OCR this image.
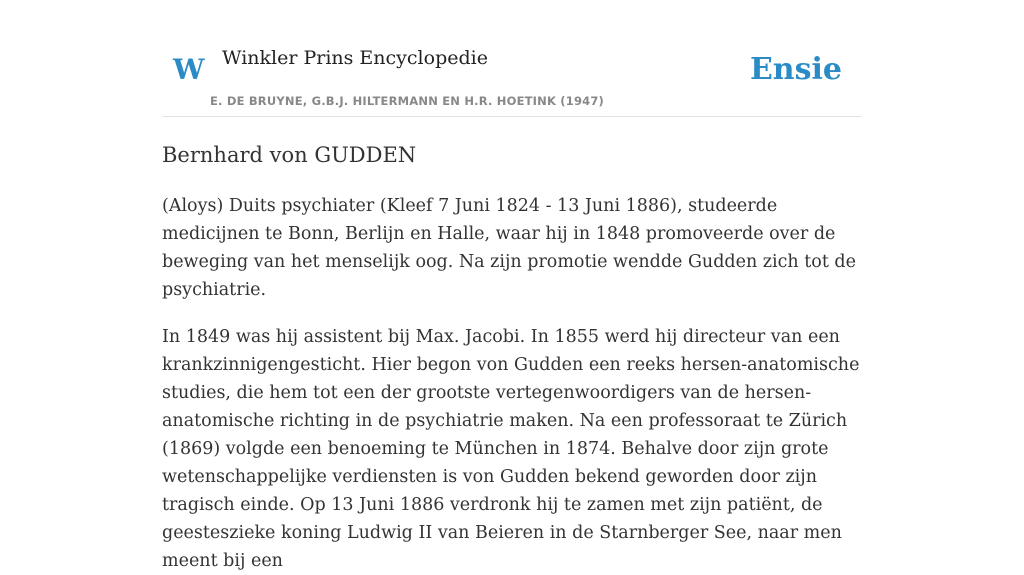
W Winkler Prins Encyclopedie
E. DE BRUYNE, G.B.J. HILTERMANN EN H.R. HOETINK (1947)
Ensie
Bernhard von GUDDEN

(Aloys) Duits psychiater (Kleef 7 Juni 1824 - 13 Juni 1886), studeerde medicijnen te Bonn, Berlijn en Halle, waar hij in 1848 promoveerde over de beweging van het menselijk oog. Na zijn promotie wendde Gudden zich tot de psychiatrie.

In 1849 was hij assistent bij Max. Jacobi. In 1855 werd hij directeur van een krankzinnigengesticht. Hier begon von Gudden een reeks hersen-anatomische studies, die hem tot een der grootste vertegenwoordigers van de hersen-anatomische richting in de psychiatrie maken. Na een professoraat te Zürich (1869) volgde een benoeming te München in 1874. Behalve door zijn grote wetenschappelijke verdiensten is von Gudden bekend geworden door zijn tragisch einde. Op 13 Juni 1886 verdronk hij te zamen met zijn patiënt, de geesteszieke koning Ludwig II van Beieren in de Starnberger See, naar men meent bij een
